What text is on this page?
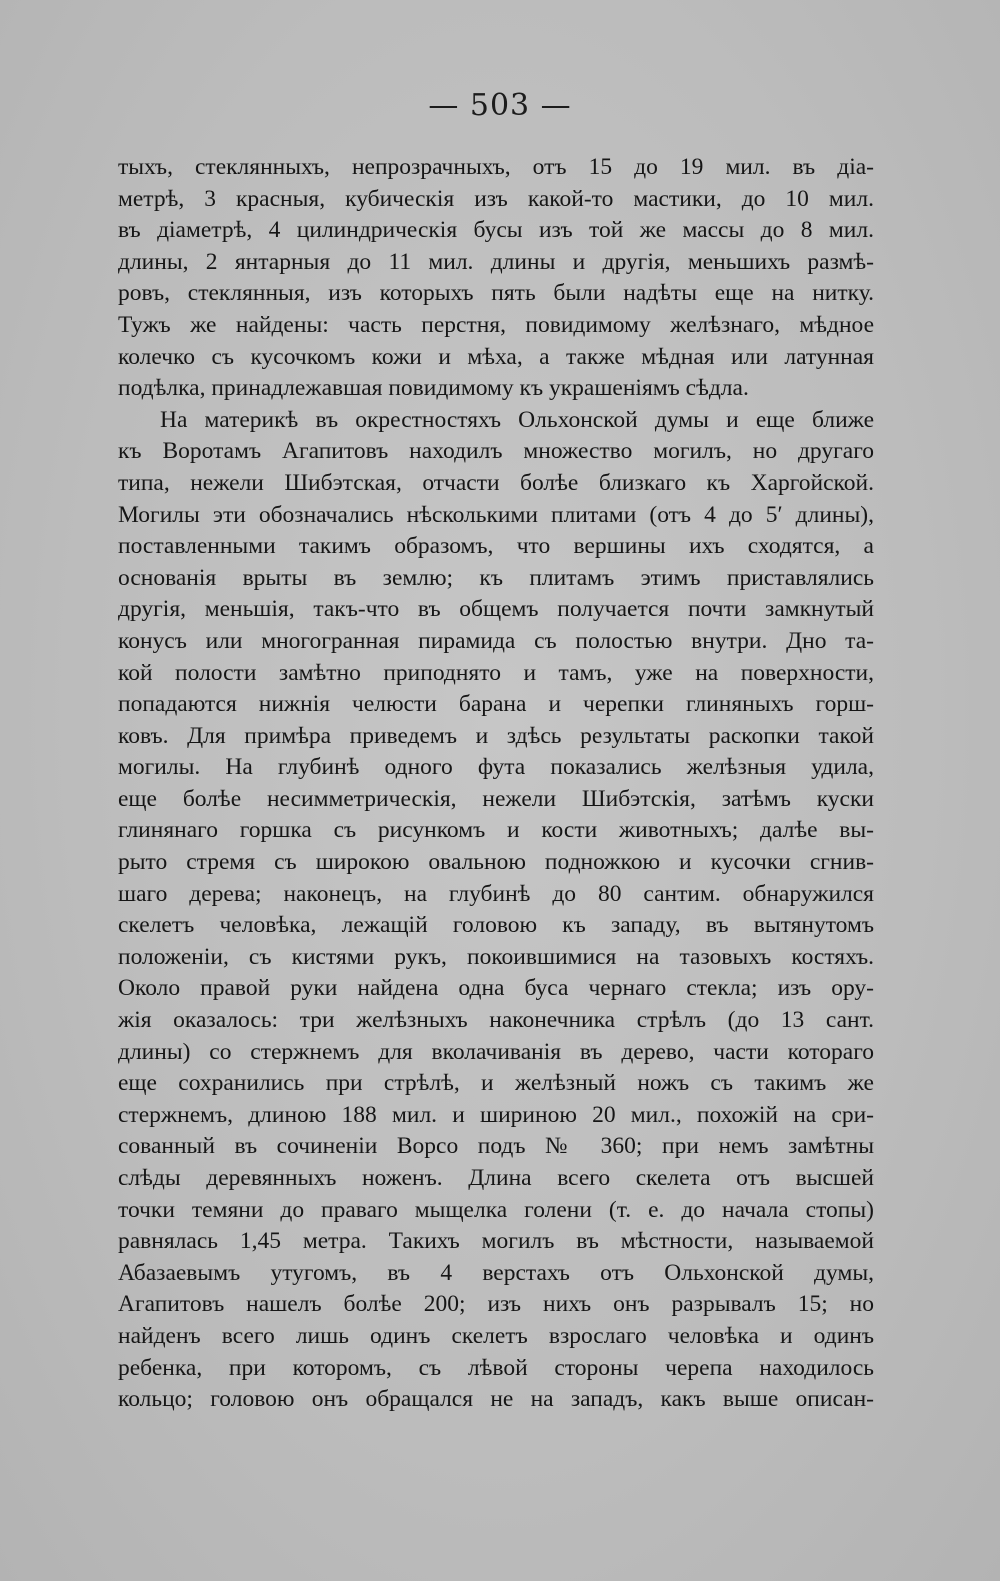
— 503 —
тыхъ, стеклянныхъ, непрозрачныхъ, отъ 15 до 19 мил. въ діа-
метрѣ, 3 красныя, кубическія изъ какой-то мастики, до 10 мил.
въ діаметрѣ, 4 цилиндрическія бусы изъ той же массы до 8 мил.
длины, 2 янтарныя до 11 мил. длины и другія, меньшихъ размѣ-
ровъ, стеклянныя, изъ которыхъ пять были надѣты еще на нитку.
Тужъ же найдены: часть перстня, повидимому желѣзнаго, мѣдное
колечко съ кусочкомъ кожи и мѣха, а также мѣдная или латунная
подѣлка, принадлежавшая повидимому къ украшеніямъ сѣдла.
На материкѣ въ окрестностяхъ Ольхонской думы и еще ближе
къ Воротамъ Агапитовъ находилъ множество могилъ, но другаго
типа, нежели Шибэтская, отчасти болѣе близкаго къ Харгойской.
Могилы эти обозначались нѣсколькими плитами (отъ 4 до 5′ длины),
поставленными такимъ образомъ, что вершины ихъ сходятся, а
основанія врыты въ землю; къ плитамъ этимъ приставлялись
другія, меньшія, такъ-что въ общемъ получается почти замкнутый
конусъ или многогранная пирамида съ полостью внутри. Дно та-
кой полости замѣтно приподнято и тамъ, уже на поверхности,
попадаются нижнія челюсти барана и черепки глиняныхъ горш-
ковъ. Для примѣра приведемъ и здѣсь результаты раскопки такой
могилы. На глубинѣ одного фута показались желѣзныя удила,
еще болѣе несимметрическія, нежели Шибэтскія, затѣмъ куски
глинянаго горшка съ рисункомъ и кости животныхъ; далѣе вы-
рыто стремя съ широкою овальною подножкою и кусочки сгнив-
шаго дерева; наконецъ, на глубинѣ до 80 сантим. обнаружился
скелетъ человѣка, лежащій головою къ западу, въ вытянутомъ
положеніи, съ кистями рукъ, покоившимися на тазовыхъ костяхъ.
Около правой руки найдена одна буса чернаго стекла; изъ ору-
жія оказалось: три желѣзныхъ наконечника стрѣлъ (до 13 сант.
длины) со стержнемъ для вколачиванія въ дерево, части котораго
еще сохранились при стрѣлѣ, и желѣзный ножъ съ такимъ же
стержнемъ, длиною 188 мил. и шириною 20 мил., похожій на сри-
сованный въ сочиненіи Ворсо подъ № 360; при немъ замѣтны
слѣды деревянныхъ ноженъ. Длина всего скелета отъ высшей
точки темяни до праваго мыщелка голени (т. е. до начала стопы)
равнялась 1,45 метра. Такихъ могилъ въ мѣстности, называемой
Абазаевымъ утугомъ, въ 4 верстахъ отъ Ольхонской думы,
Агапитовъ нашелъ болѣе 200; изъ нихъ онъ разрывалъ 15; но
найденъ всего лишь одинъ скелетъ взрослаго человѣка и одинъ
ребенка, при которомъ, съ лѣвой стороны черепа находилось
кольцо; головою онъ обращался не на западъ, какъ выше описан-
